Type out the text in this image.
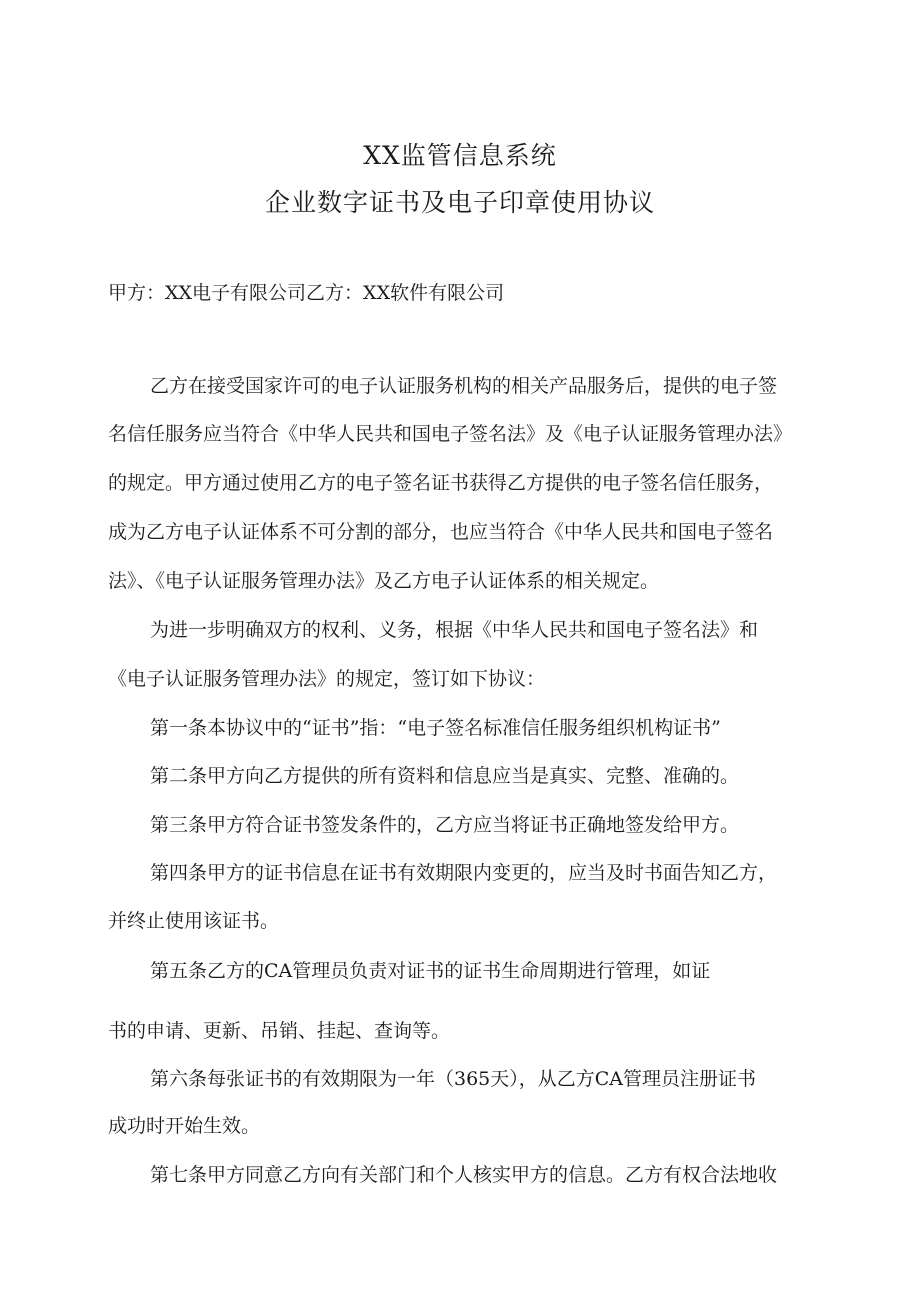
XX监管信息系统
企业数字证书及电子印章使用协议
甲方：XX电子有限公司乙方：XX软件有限公司
乙方在接受国家许可的电子认证服务机构的相关产品服务后，提供的电子签
名信任服务应当符合《中华人民共和国电子签名法》及《电子认证服务管理办法》
的规定。甲方通过使用乙方的电子签名证书获得乙方提供的电子签名信任服务，
成为乙方电子认证体系不可分割的部分，也应当符合《中华人民共和国电子签名
法》、《电子认证服务管理办法》及乙方电子认证体系的相关规定。
为进一步明确双方的权利、义务，根据《中华人民共和国电子签名法》和
《电子认证服务管理办法》的规定，签订如下协议：
第一条本协议中的“证书”指：“电子签名标准信任服务组织机构证书”
第二条甲方向乙方提供的所有资料和信息应当是真实、完整、准确的。
第三条甲方符合证书签发条件的，乙方应当将证书正确地签发给甲方。
第四条甲方的证书信息在证书有效期限内变更的，应当及时书面告知乙方，
并终止使用该证书。
第五条乙方的CA管理员负责对证书的证书生命周期进行管理，如证
书的申请、更新、吊销、挂起、查询等。
第六条每张证书的有效期限为一年（365天），从乙方CA管理员注册证书
成功时开始生效。
第七条甲方同意乙方向有关部门和个人核实甲方的信息。乙方有权合法地收
